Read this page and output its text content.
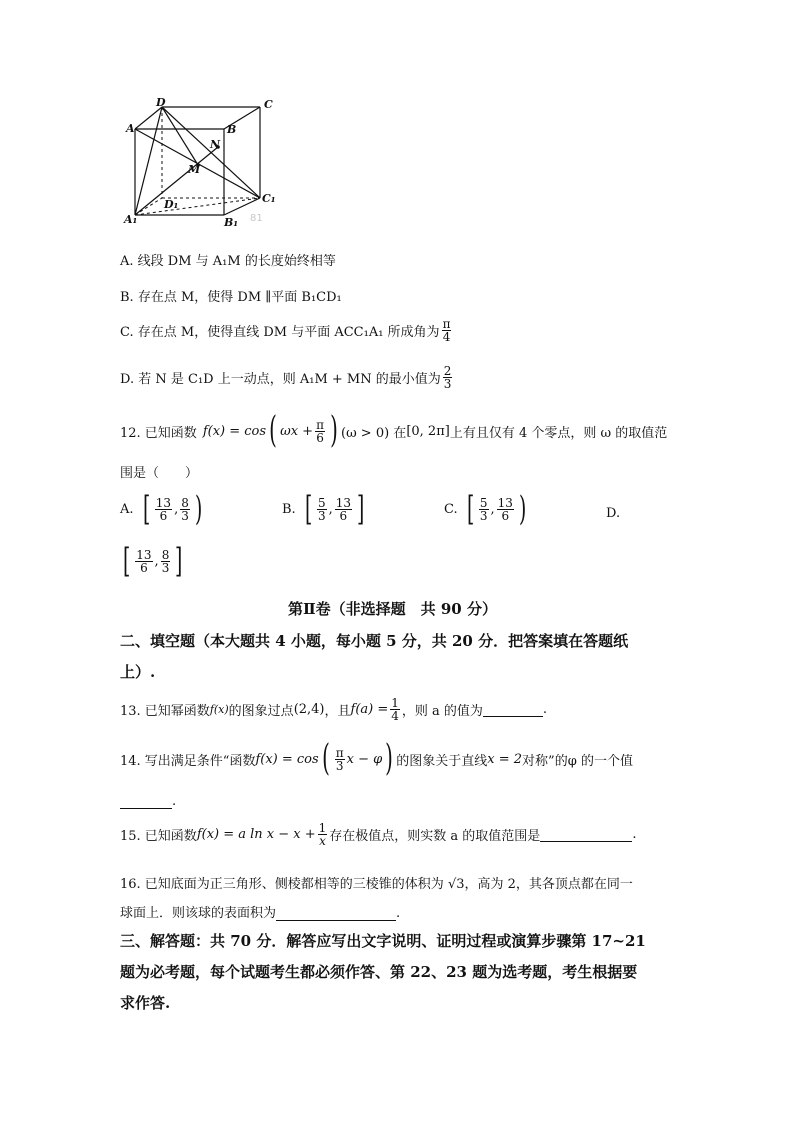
D	C
A	B
N
M
C₁
D₁
A₁	B₁ 81
A. 线段 DM 与 A₁M 的长度始终相等
B. 存在点 M，使得 DM ∥平面 B₁CD₁
C. 存在点 M，使得直线 DM 与平面 ACC₁A₁ 所成角为 $\frac{\pi}{4}$
D. 若 N 是 C₁D 上一动点，则 A₁M + MN 的最小值为 $\frac{2}{3}$
12. 已知函数 f(x) = cos ( $\omega x + \frac{\pi}{6}$ ) (ω > 0) 在 [0, 2π] 上有且仅有 4 个零点，则 ω 的取值范
围是（　　）
A. [ $\frac{13}{6}$ , $\frac{8}{3}$ )	B. [ $\frac{5}{3}$ , $\frac{13}{6}$ ]	C. [ $\frac{5}{3}$ , $\frac{13}{6}$ )	D.
[ $\frac{13}{6}$ , $\frac{8}{3}$ ]
第Ⅱ卷（非选择题　共 90 分）
二、填空题（本大题共 4 小题，每小题 5 分，共 20 分．把答案填在答题纸
上）.
13. 已知幂函数 f(x) 的图象过点 (2,4) ，且 $f(a) = \frac{1}{4}$ ，则 a 的值为	.
14. 写出满足条件“函数 f(x) = cos ( $\frac{\pi}{3}$ x − φ ) 的图象关于直线 x = 2 对称”的 φ 的一个值
.
15. 已知函数 f(x) = a $\ln x - x + \frac{1}{x}$ 存在极值点，则实数 a 的取值范围是	.
16. 已知底面为正三角形、侧棱都相等的三棱锥的体积为 √3，高为 2，其各顶点都在同一
球面上．则该球的表面积为	.
三、解答题：共 70 分．解答应写出文字说明、证明过程或演算步骤第 17~21
题为必考题，每个试题考生都必须作答、第 22、23 题为选考题，考生根据要
求作答.
